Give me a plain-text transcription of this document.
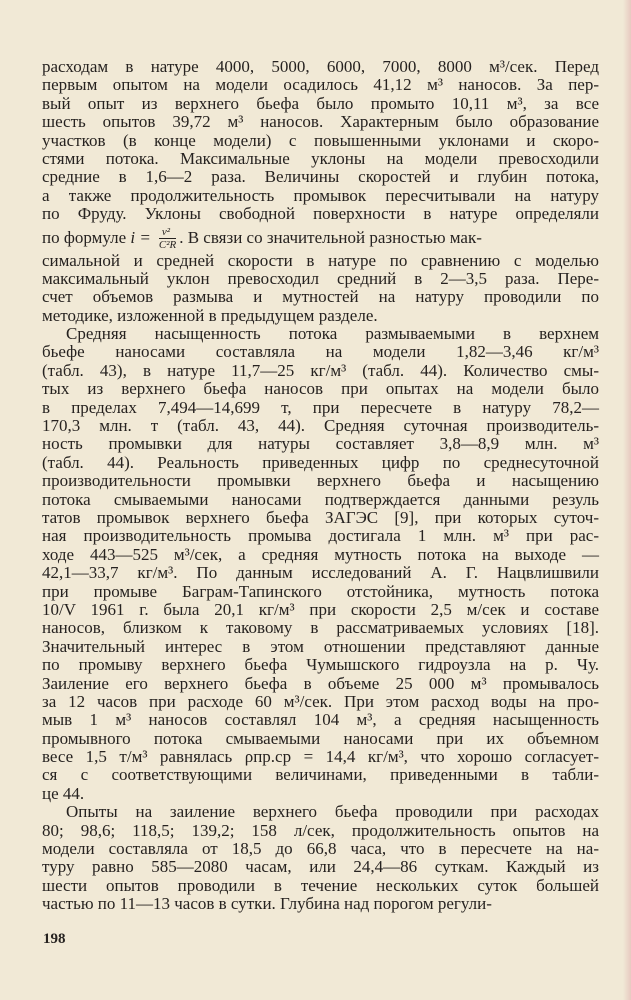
расходам в натуре 4000, 5000, 6000, 7000, 8000 м³/сек. Перед
первым опытом на модели осадилось 41,12 м³ наносов. За пер-
вый опыт из верхнего бьефа было промыто 10,11 м³, за все
шесть опытов 39,72 м³ наносов. Характерным было образование
участков (в конце модели) с повышенными уклонами и скоро-
стями потока. Максимальные уклоны на модели превосходили
средние в 1,6—2 раза. Величины скоростей и глубин потока,
а также продолжительность промывок пересчитывали на натуру
по Фруду. Уклоны свободной поверхности в натуре определяли
по формуле $i = \frac{\text{v²}}{\text{C²R}}$ . В связи со значительной разностью мак-
симальной и средней скорости в натуре по сравнению с моделью
максимальный уклон превосходил средний в 2—3,5 раза. Пере-
счет объемов размыва и мутностей на натуру проводили по
методике, изложенной в предыдущем разделе.
Средняя насыщенность потока размываемыми в верхнем
бьефе наносами составляла на модели 1,82—3,46 кг/м³
(табл. 43), в натуре 11,7—25 кг/м³ (табл. 44). Количество смы-
тых из верхнего бьефа наносов при опытах на модели было
в пределах 7,494—14,699 т, при пересчете в натуру 78,2—
170,3 млн. т (табл. 43, 44). Средняя суточная производитель-
ность промывки для натуры составляет 3,8—8,9 млн. м³
(табл. 44). Реальность приведенных цифр по среднесуточной
производительности промывки верхнего бьефа и насыщению
потока смываемыми наносами подтверждается данными резуль
татов промывок верхнего бьефа ЗАГЭС [9], при которых суточ-
ная производительность промыва достигала 1 млн. м³ при рас-
ходе 443—525 м³/сек, а средняя мутность потока на выходе —
42,1—33,7 кг/м³. По данным исследований А. Г. Нацвлишвили
при промыве Баграм-Тапинского отстойника, мутность потока
10/V 1961 г. была 20,1 кг/м³ при скорости 2,5 м/сек и составе
наносов, близком к таковому в рассматриваемых условиях [18].
Значительный интерес в этом отношении представляют данные
по промыву верхнего бьефа Чумышского гидроузла на р. Чу.
Заиление его верхнего бьефа в объеме 25 000 м³ промывалось
за 12 часов при расходе 60 м³/сек. При этом расход воды на про-
мыв 1 м³ наносов составлял 104 м³, а средняя насыщенность
промывного потока смываемыми наносами при их объемном
весе 1,5 т/м³ равнялась ρпр.ср = 14,4 кг/м³, что хорошо согласует-
ся с соответствующими величинами, приведенными в табли-
це 44.
Опыты на заиление верхнего бьефа проводили при расходах
80; 98,6; 118,5; 139,2; 158 л/сек, продолжительность опытов на
модели составляла от 18,5 до 66,8 часа, что в пересчете на на-
туру равно 585—2080 часам, или 24,4—86 суткам. Каждый из
шести опытов проводили в течение нескольких суток большей
частью по 11—13 часов в сутки. Глубина над порогом регули-
198
